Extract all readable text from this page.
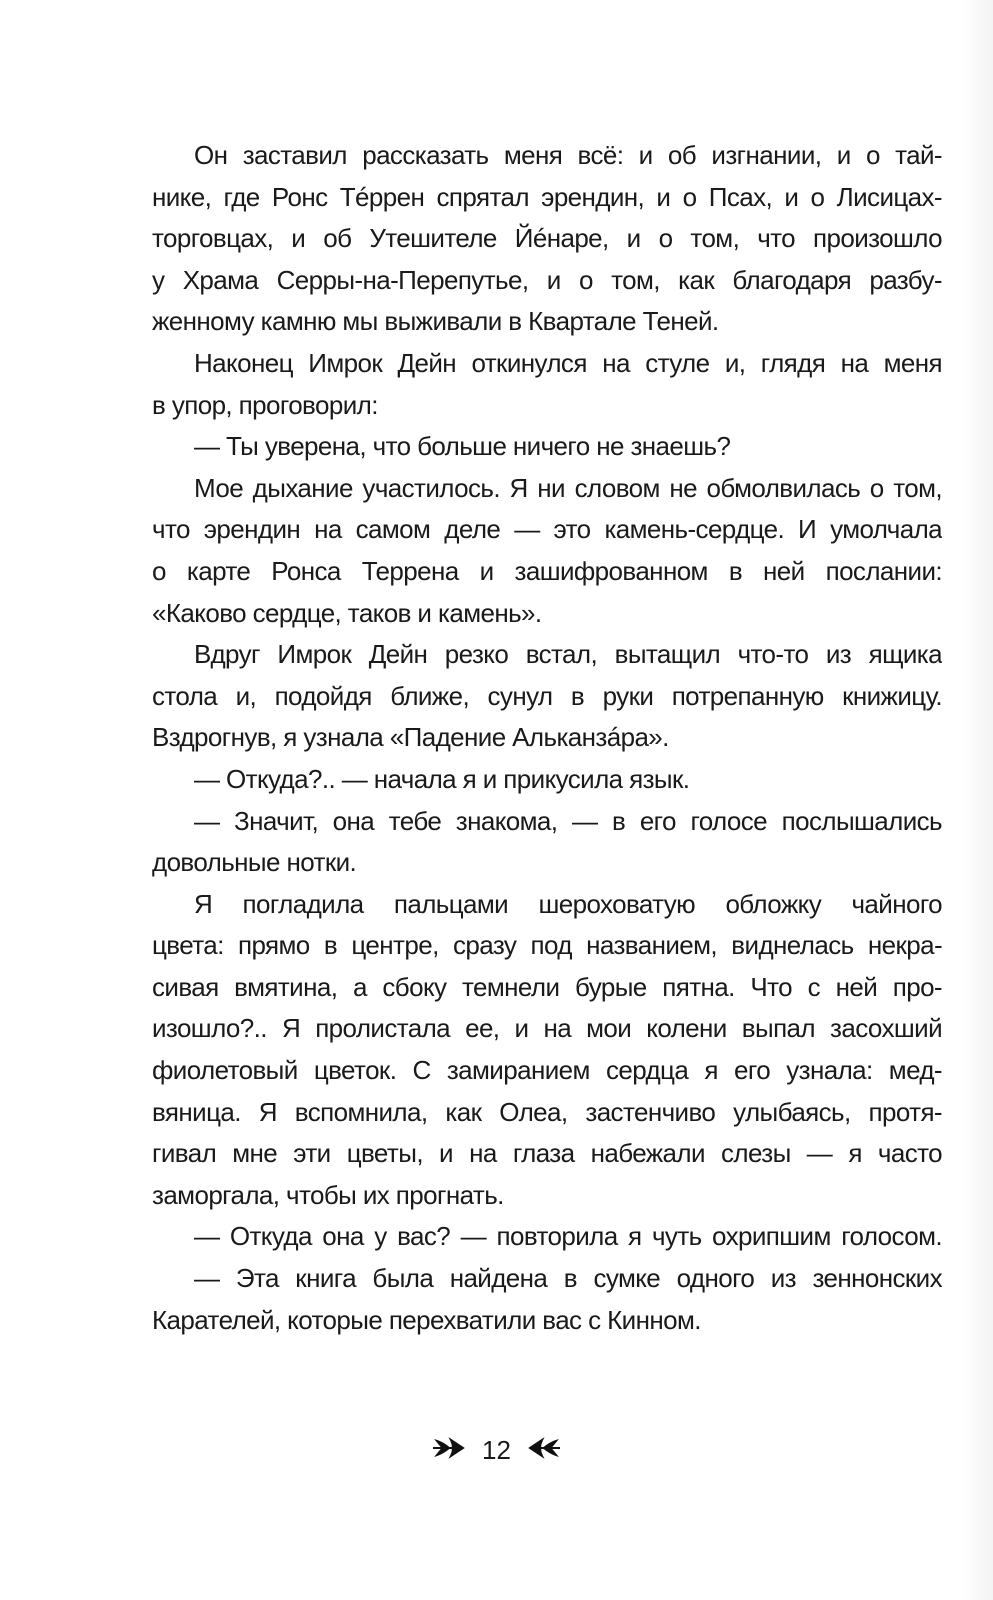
Он заставил рассказать меня всё: и об изгнании, и о тай-
нике, где Ронс Тéррен спрятал эрендин, и о Псах, и о Лисицах-
торговцах, и об Утешителе Йéнаре, и о том, что произошло
у Храма Серры-на-Перепутье, и о том, как благодаря разбу-
женному камню мы выживали в Квартале Теней.
Наконец Имрок Дейн откинулся на стуле и, глядя на меня
в упор, проговорил:
— Ты уверена, что больше ничего не знаешь?
Мое дыхание участилось. Я ни словом не обмолвилась о том,
что эрендин на самом деле — это камень-сердце. И умолчала
о карте Ронса Террена и зашифрованном в ней послании:
«Каково сердце, таков и камень».
Вдруг Имрок Дейн резко встал, вытащил что-то из ящика
стола и, подойдя ближе, сунул в руки потрепанную книжицу.
Вздрогнув, я узнала «Падение Альканзáра».
— Откуда?.. — начала я и прикусила язык.
— Значит, она тебе знакома, — в его голосе послышались
довольные нотки.
Я погладила пальцами шероховатую обложку чайного
цвета: прямо в центре, сразу под названием, виднелась некра-
сивая вмятина, а сбоку темнели бурые пятна. Что с ней про-
изошло?.. Я пролистала ее, и на мои колени выпал засохший
фиолетовый цветок. С замиранием сердца я его узнала: мед-
вяница. Я вспомнила, как Олеа, застенчиво улыбаясь, протя-
гивал мне эти цветы, и на глаза набежали слезы — я часто
заморгала, чтобы их прогнать.
— Откуда она у вас? — повторила я чуть охрипшим голосом.
— Эта книга была найдена в сумке одного из зеннонских
Карателей, которые перехватили вас с Кинном.
12
